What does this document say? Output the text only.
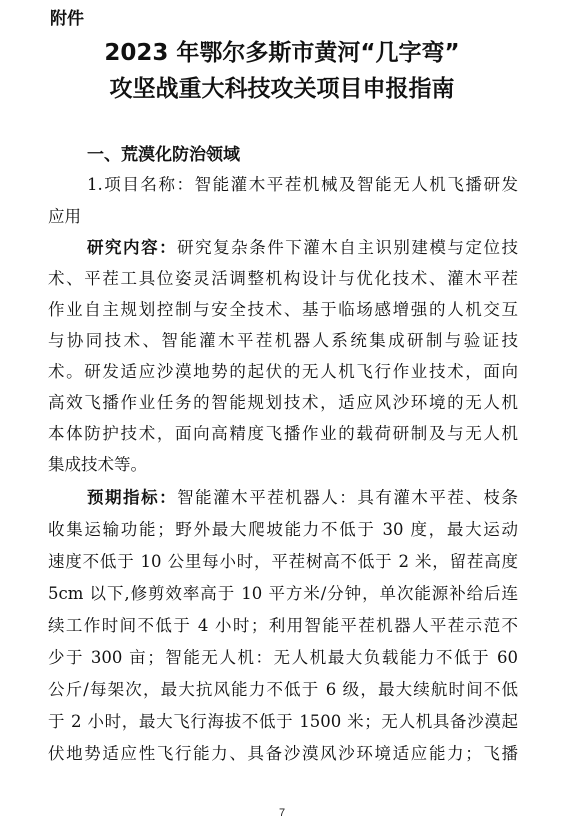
附件
2023 年鄂尔多斯市黄河“几字弯”
攻坚战重大科技攻关项目申报指南
一、荒漠化防治领域
1.项目名称：智能灌木平茬机械及智能无人机飞播研发
应用
研究内容：研究复杂条件下灌木自主识别建模与定位技
术、平茬工具位姿灵活调整机构设计与优化技术、灌木平茬
作业自主规划控制与安全技术、基于临场感增强的人机交互
与协同技术、智能灌木平茬机器人系统集成研制与验证技
术。研发适应沙漠地势的起伏的无人机飞行作业技术，面向
高效飞播作业任务的智能规划技术，适应风沙环境的无人机
本体防护技术，面向高精度飞播作业的载荷研制及与无人机
集成技术等。
预期指标：智能灌木平茬机器人：具有灌木平茬、枝条
收集运输功能；野外最大爬坡能力不低于 30 度，最大运动
速度不低于 10 公里每小时，平茬树高不低于 2 米，留茬高度
5cm 以下,修剪效率高于 10 平方米/分钟，单次能源补给后连
续工作时间不低于 4 小时；利用智能平茬机器人平茬示范不
少于 300 亩；智能无人机：无人机最大负载能力不低于 60
公斤/每架次，最大抗风能力不低于 6 级，最大续航时间不低
于 2 小时，最大飞行海拔不低于 1500 米；无人机具备沙漠起
伏地势适应性飞行能力、具备沙漠风沙环境适应能力；飞播
7
